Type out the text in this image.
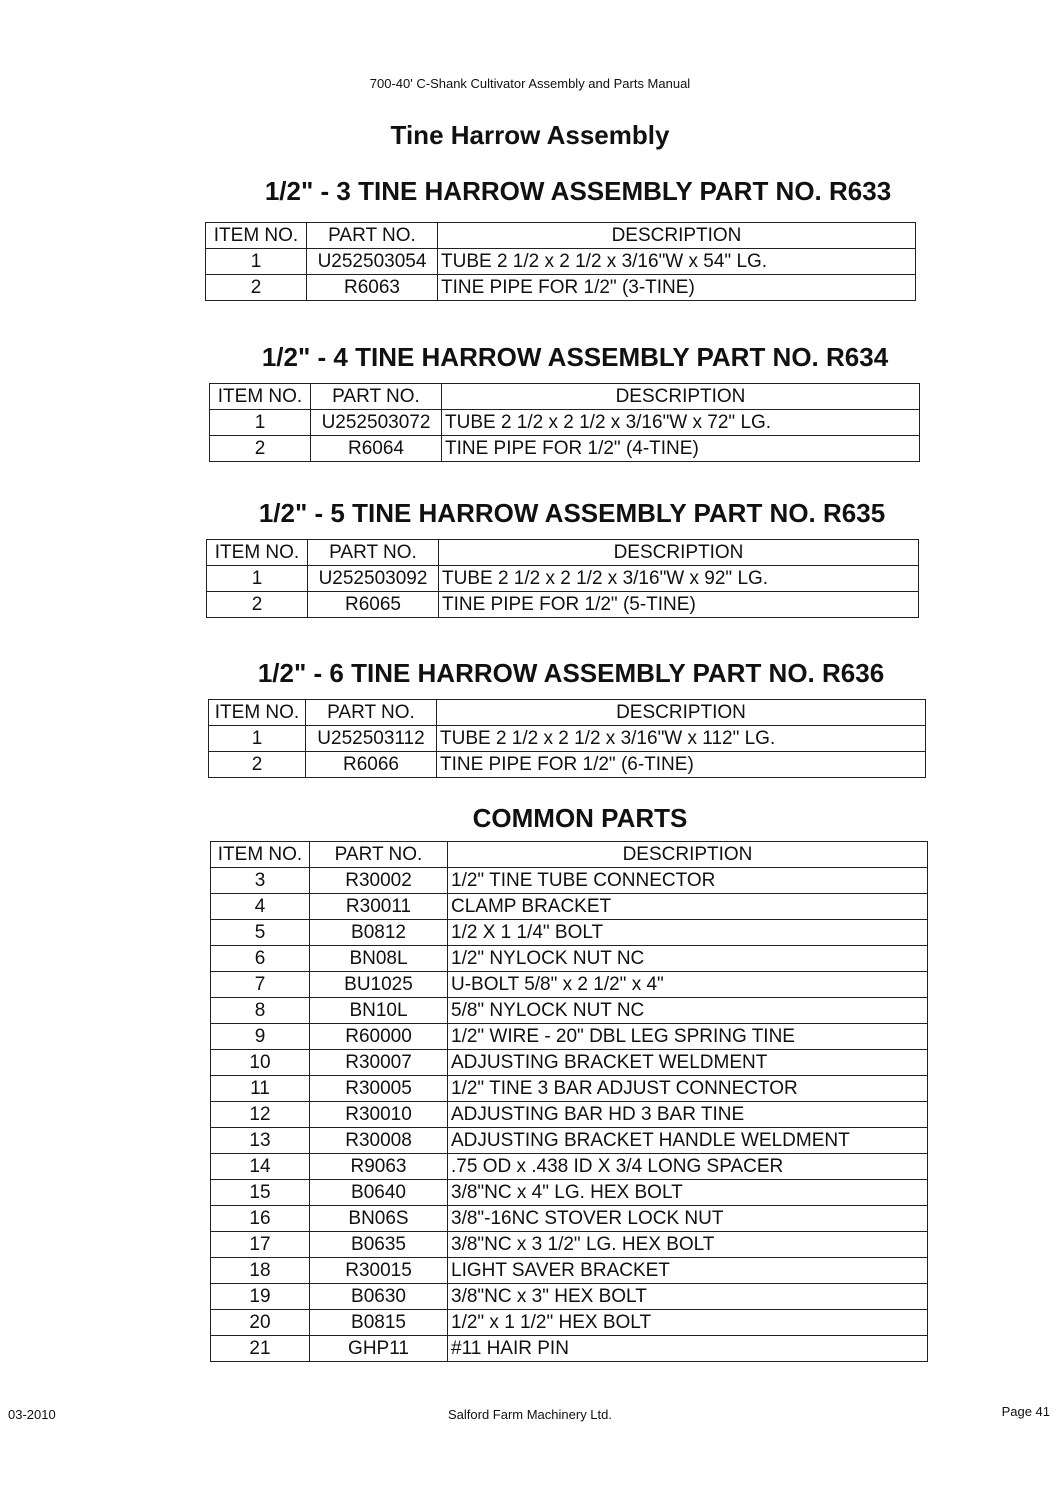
700-40' C-Shank Cultivator Assembly and Parts Manual
Tine Harrow Assembly
1/2" - 3 TINE HARROW ASSEMBLY PART NO. R633
ITEM NO.	PART NO.	DESCRIPTION
1	U252503054	TUBE 2 1/2 x 2 1/2 x 3/16"W x 54" LG.
2	R6063	TINE PIPE FOR 1/2" (3-TINE)
1/2" - 4 TINE HARROW ASSEMBLY PART NO. R634
ITEM NO.	PART NO.	DESCRIPTION
1	U252503072	TUBE 2 1/2 x 2 1/2 x 3/16"W x 72" LG.
2	R6064	TINE PIPE FOR 1/2" (4-TINE)
1/2" - 5 TINE HARROW ASSEMBLY PART NO. R635
ITEM NO.	PART NO.	DESCRIPTION
1	U252503092	TUBE 2 1/2 x 2 1/2 x 3/16"W x 92" LG.
2	R6065	TINE PIPE FOR 1/2" (5-TINE)
1/2" - 6 TINE HARROW ASSEMBLY PART NO. R636
ITEM NO.	PART NO.	DESCRIPTION
1	U252503112	TUBE 2 1/2 x 2 1/2 x 3/16"W x 112" LG.
2	R6066	TINE PIPE FOR 1/2" (6-TINE)
COMMON PARTS
ITEM NO.	PART NO.	DESCRIPTION
3	R30002	1/2" TINE TUBE CONNECTOR
4	R30011	CLAMP BRACKET
5	B0812	1/2 X 1 1/4" BOLT
6	BN08L	1/2" NYLOCK NUT NC
7	BU1025	U-BOLT 5/8" x 2 1/2" x 4"
8	BN10L	5/8" NYLOCK NUT NC
9	R60000	1/2" WIRE - 20" DBL LEG SPRING TINE
10	R30007	ADJUSTING BRACKET WELDMENT
11	R30005	1/2" TINE 3 BAR ADJUST CONNECTOR
12	R30010	ADJUSTING BAR HD 3 BAR TINE
13	R30008	ADJUSTING BRACKET HANDLE WELDMENT
14	R9063	.75 OD x .438 ID X 3/4 LONG SPACER
15	B0640	3/8"NC x 4" LG. HEX BOLT
16	BN06S	3/8"-16NC STOVER LOCK NUT
17	B0635	3/8"NC x 3 1/2" LG. HEX BOLT
18	R30015	LIGHT SAVER BRACKET
19	B0630	3/8"NC x 3" HEX BOLT
20	B0815	1/2" x 1 1/2" HEX BOLT
21	GHP11	#11 HAIR PIN
03-2010	Salford Farm Machinery Ltd.	Page 41
